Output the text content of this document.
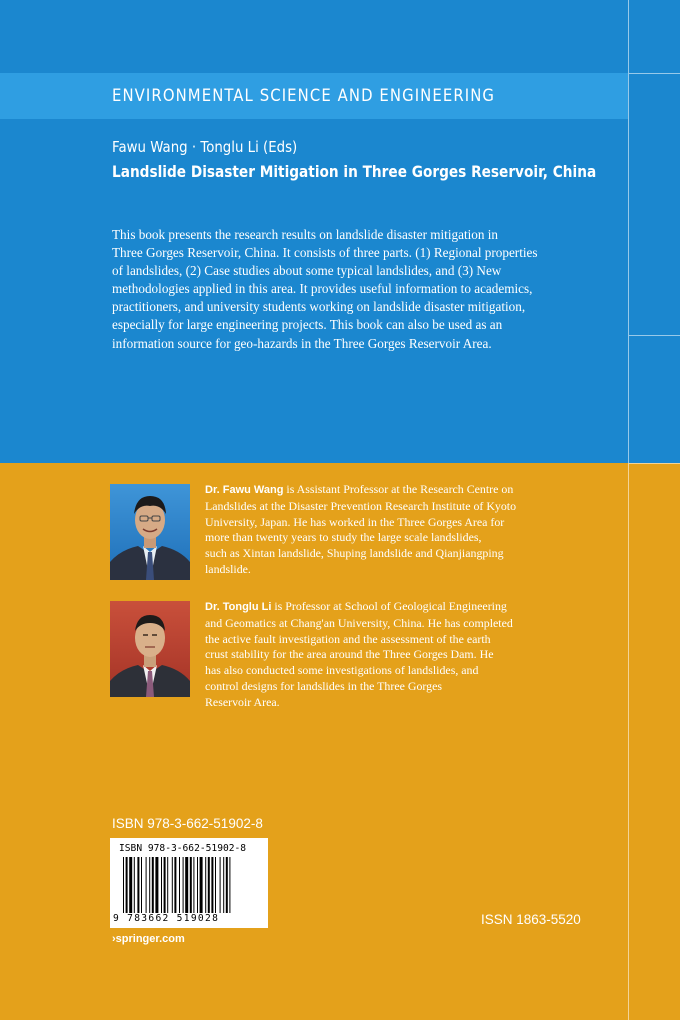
ENVIRONMENTAL SCIENCE AND ENGINEERING
Fawu Wang · Tonglu Li (Eds)
Landslide Disaster Mitigation in Three Gorges Reservoir, China
This book presents the research results on landslide disaster mitigation in
Three Gorges Reservoir, China. It consists of three parts. (1) Regional properties
of landslides, (2) Case studies about some typical landslides, and (3) New
methodologies applied in this area. It provides useful information to academics,
practitioners, and university students working on landslide disaster mitigation,
especially for large engineering projects. This book can also be used as an
information source for geo-hazards in the Three Gorges Reservoir Area.
Dr. Fawu Wang is Assistant Professor at the Research Centre on
Landslides at the Disaster Prevention Research Institute of Kyoto
University, Japan. He has worked in the Three Gorges Area for
more than twenty years to study the large scale landslides,
such as Xintan landslide, Shuping landslide and Qianjiangping
landslide.
Dr. Tonglu Li is Professor at School of Geological Engineering
and Geomatics at Chang'an University, China. He has completed
the active fault investigation and the assessment of the earth
crust stability for the area around the Three Gorges Dam. He
has also conducted some investigations of landslides, and
control designs for landslides in the Three Gorges
Reservoir Area.
ISBN 978-3-662-51902-8
ISBN 978-3-662-51902-8
9 783662 519028	ISSN 1863-5520
›springer.com
